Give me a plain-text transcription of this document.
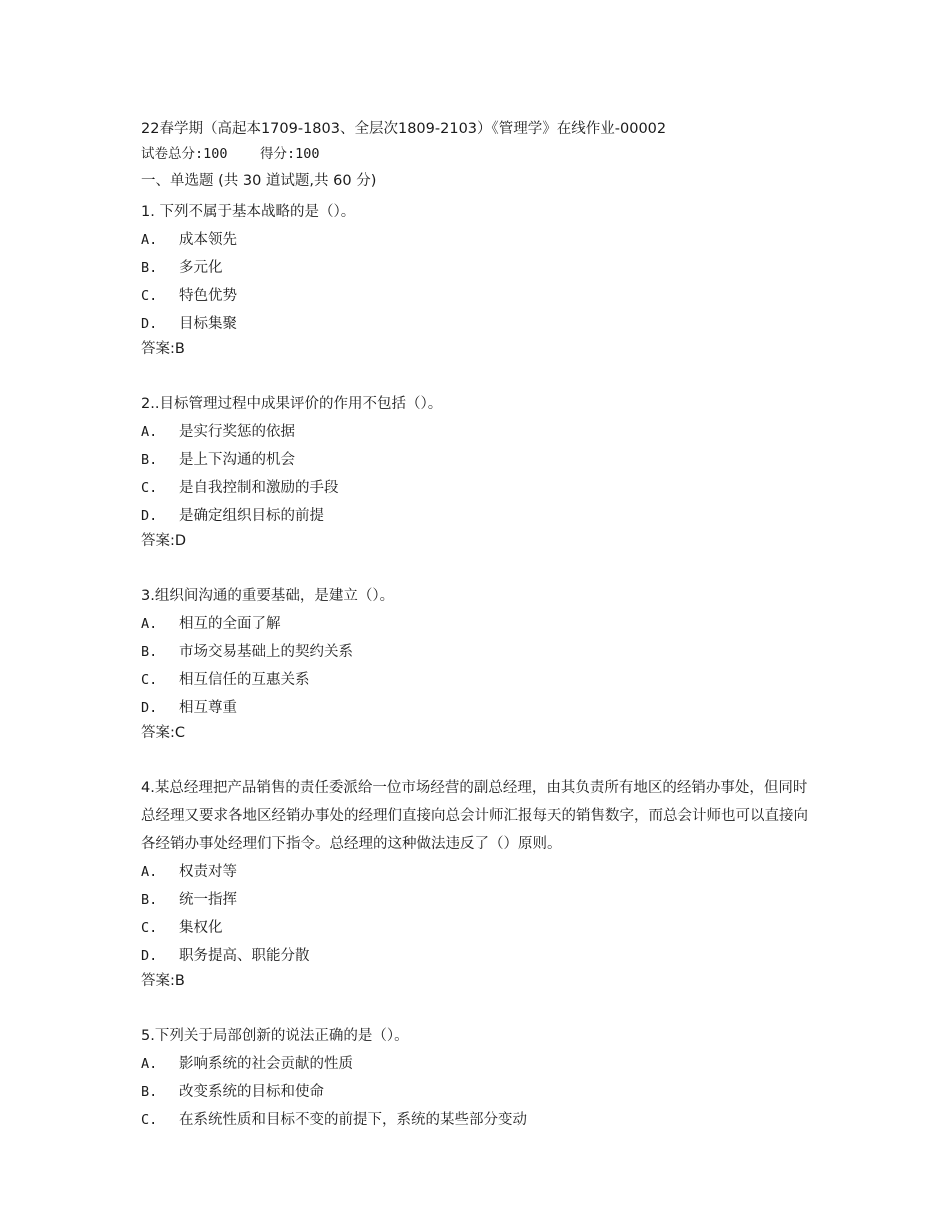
22春学期（高起本1709-1803、全层次1809-2103）《管理学》在线作业-00002
试卷总分:100    得分:100
一、单选题 (共 30 道试题,共 60 分)
1. 下列不属于基本战略的是（）。
A.	成本领先
B.	多元化
C.	特色优势
D.	目标集聚
答案:B
2..目标管理过程中成果评价的作用不包括（）。
A.	是实行奖惩的依据
B.	是上下沟通的机会
C.	是自我控制和激励的手段
D.	是确定组织目标的前提
答案:D
3.组织间沟通的重要基础，是建立（）。
A.	相互的全面了解
B.	市场交易基础上的契约关系
C.	相互信任的互惠关系
D.	相互尊重
答案:C
4.某总经理把产品销售的责任委派给一位市场经营的副总经理，由其负责所有地区的经销办事处，但同时总经理又要求各地区经销办事处的经理们直接向总会计师汇报每天的销售数字，而总会计师也可以直接向各经销办事处经理们下指令。总经理的这种做法违反了（）原则。
A.	权责对等
B.	统一指挥
C.	集权化
D.	职务提高、职能分散
答案:B
5.下列关于局部创新的说法正确的是（）。
A.	影响系统的社会贡献的性质
B.	改变系统的目标和使命
C.	在系统性质和目标不变的前提下，系统的某些部分变动
